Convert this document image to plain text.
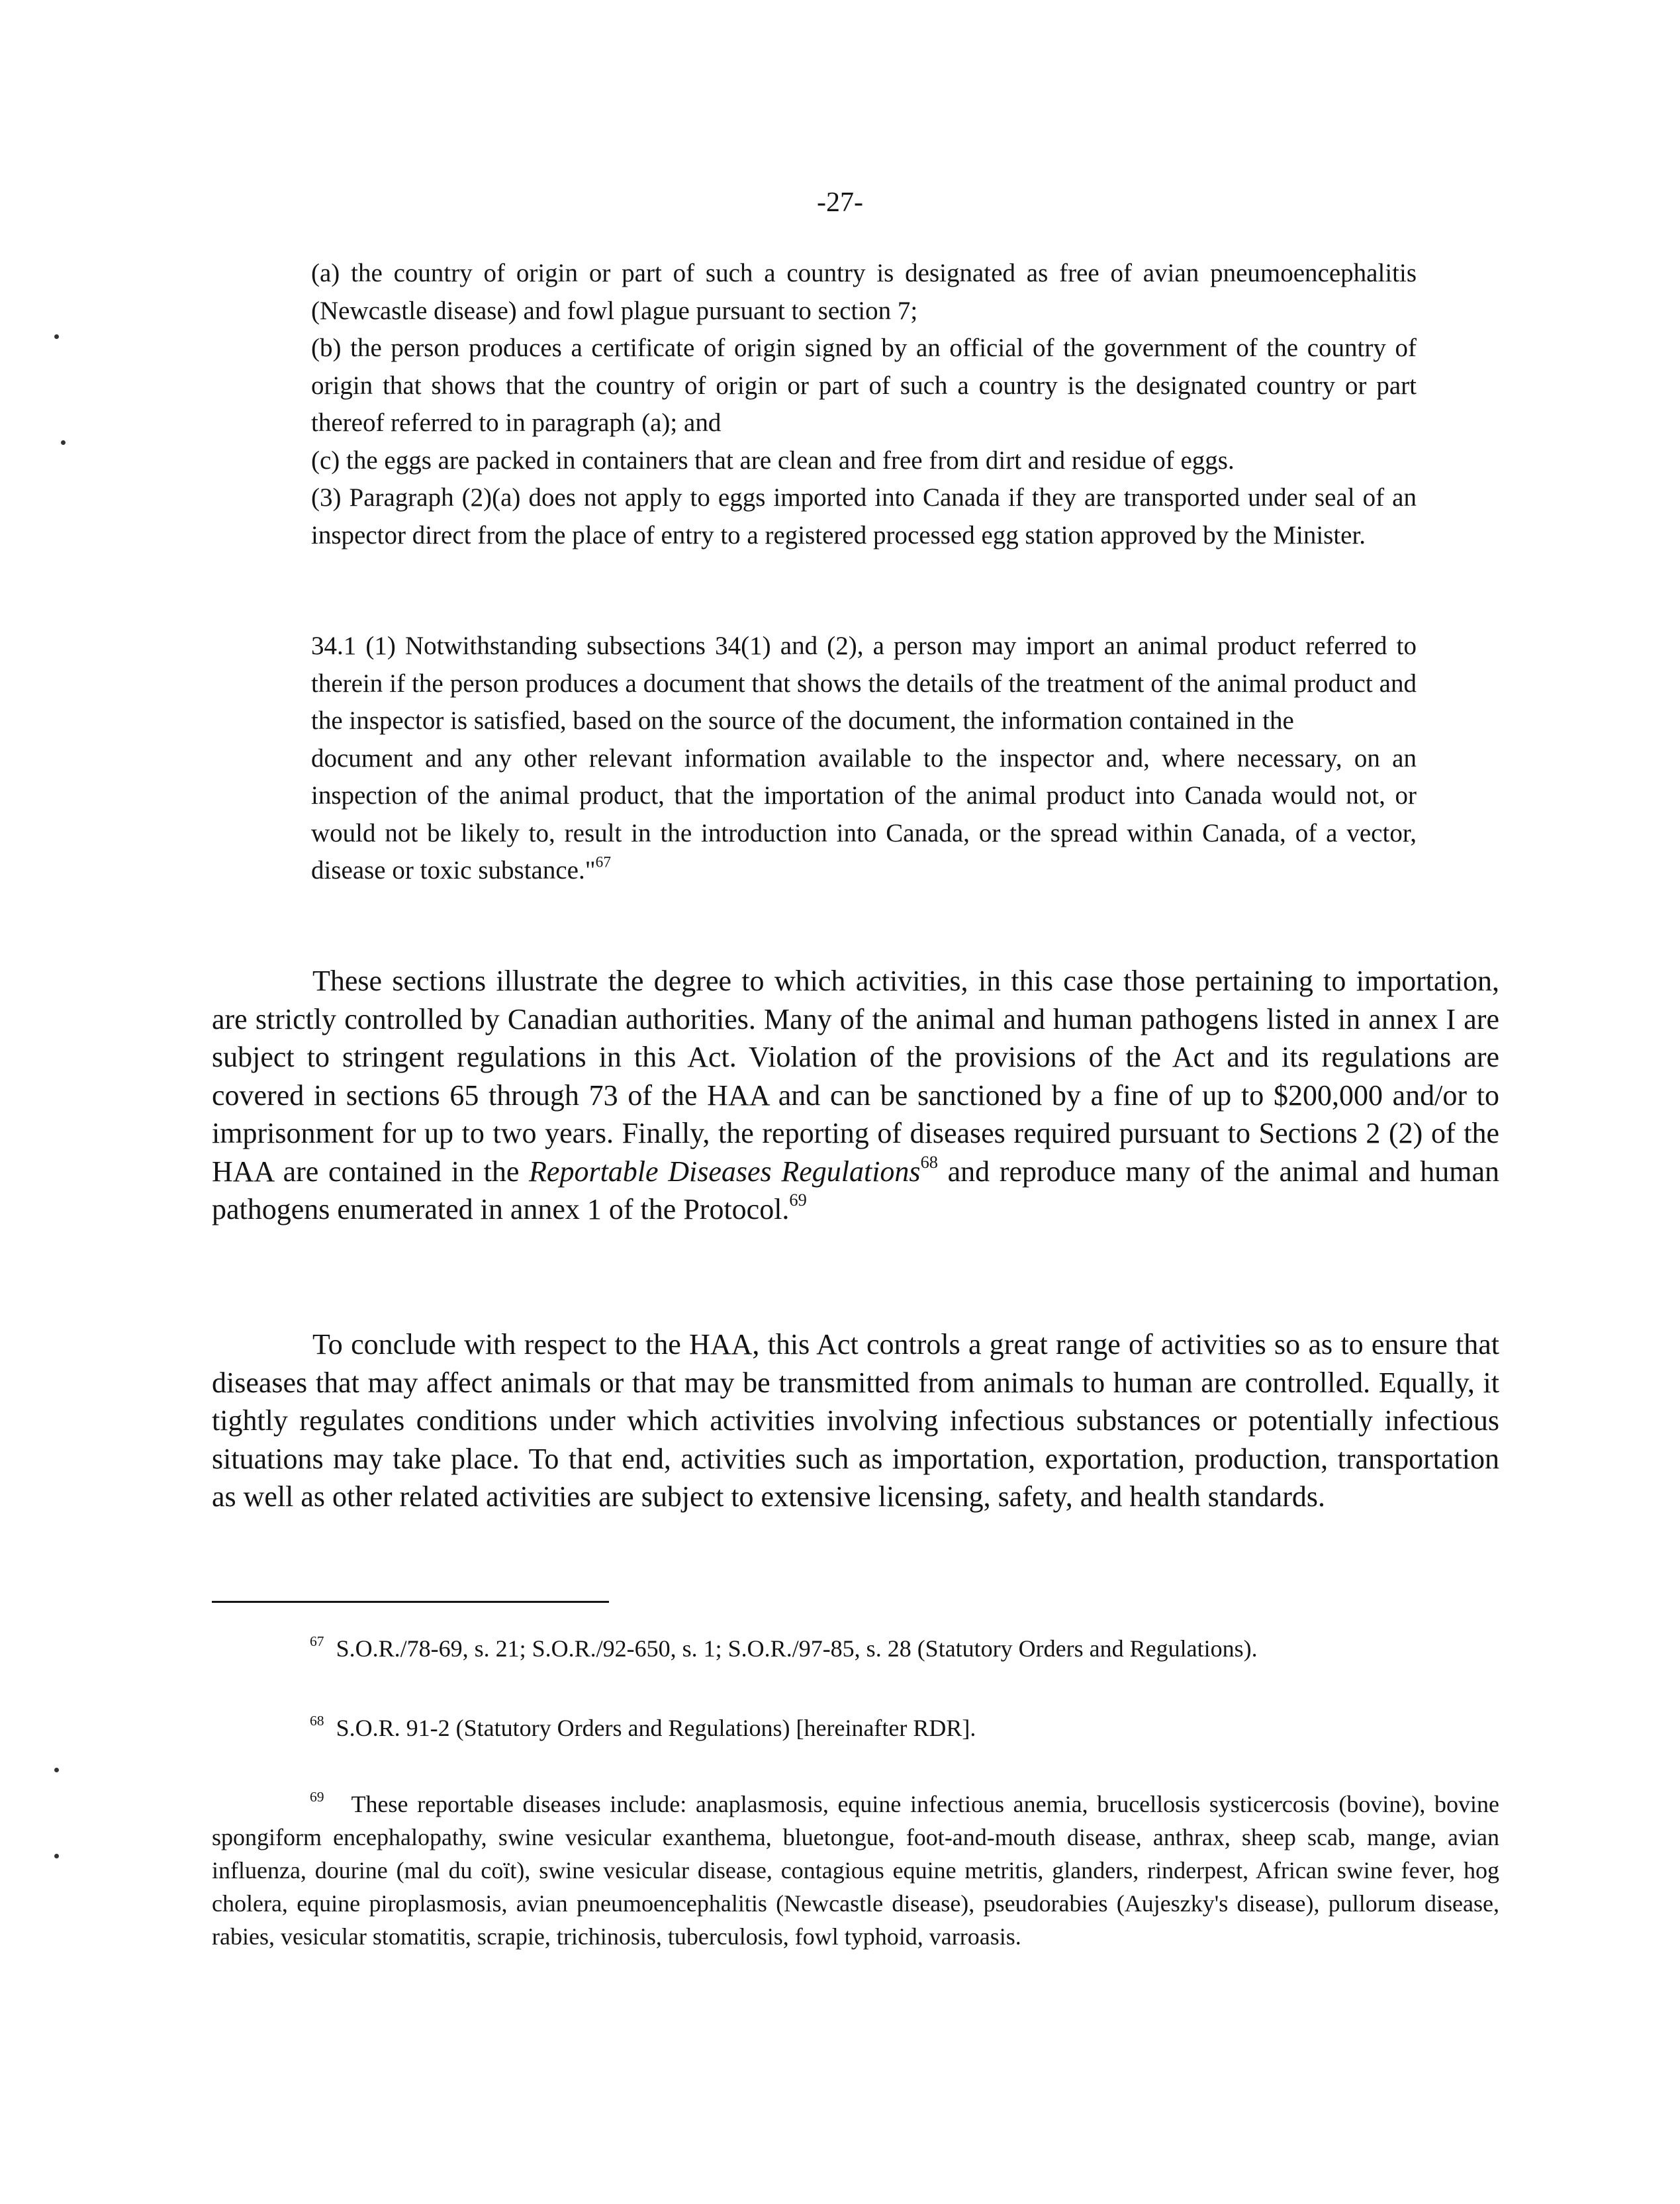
-27-

(a) the country of origin or part of such a country is designated as free of avian pneumoencephalitis (Newcastle disease) and fowl plague pursuant to section 7;

(b) the person produces a certificate of origin signed by an official of the government of the country of origin that shows that the country of origin or part of such a country is the designated country or part thereof referred to in paragraph (a); and

(c) the eggs are packed in containers that are clean and free from dirt and residue of eggs.

(3) Paragraph (2)(a) does not apply to eggs imported into Canada if they are transported under seal of an inspector direct from the place of entry to a registered processed egg station approved by the Minister.

34.1 (1) Notwithstanding subsections 34(1) and (2), a person may import an animal product referred to therein if the person produces a document that shows the details of the treatment of the animal product and the inspector is satisfied, based on the source of the document, the information contained in the

document and any other relevant information available to the inspector and, where necessary, on an inspection of the animal product, that the importation of the animal product into Canada would not, or would not be likely to, result in the introduction into Canada, or the spread within Canada, of a vector, disease or toxic substance."$^{67}$

These sections illustrate the degree to which activities, in this case those pertaining to importation, are strictly controlled by Canadian authorities. Many of the animal and human pathogens listed in annex I are subject to stringent regulations in this Act. Violation of the provisions of the Act and its regulations are covered in sections 65 through 73 of the HAA and can be sanctioned by a fine of up to $200,000 and/or to imprisonment for up to two years. Finally, the reporting of diseases required pursuant to Sections 2 (2) of the HAA are contained in the Reportable Diseases Regulations$^{68}$ and reproduce many of the animal and human pathogens enumerated in annex 1 of the Protocol.$^{69}$

To conclude with respect to the HAA, this Act controls a great range of activities so as to ensure that diseases that may affect animals or that may be transmitted from animals to human are controlled. Equally, it tightly regulates conditions under which activities involving infectious substances or potentially infectious situations may take place. To that end, activities such as importation, exportation, production, transportation as well as other related activities are subject to extensive licensing, safety, and health standards.

$^{67}$ S.O.R./78-69, s. 21; S.O.R./92-650, s. 1; S.O.R./97-85, s. 28 (Statutory Orders and Regulations).

$^{68}$ S.O.R. 91-2 (Statutory Orders and Regulations) [hereinafter RDR].

$^{69}$ These reportable diseases include: anaplasmosis, equine infectious anemia, brucellosis systicercosis (bovine), bovine spongiform encephalopathy, swine vesicular exanthema, bluetongue, foot-and-mouth disease, anthrax, sheep scab, mange, avian influenza, dourine (mal du coït), swine vesicular disease, contagious equine metritis, glanders, rinderpest, African swine fever, hog cholera, equine piroplasmosis, avian pneumoencephalitis (Newcastle disease), pseudorabies (Aujeszky's disease), pullorum disease, rabies, vesicular stomatitis, scrapie, trichinosis, tuberculosis, fowl typhoid, varroasis.
